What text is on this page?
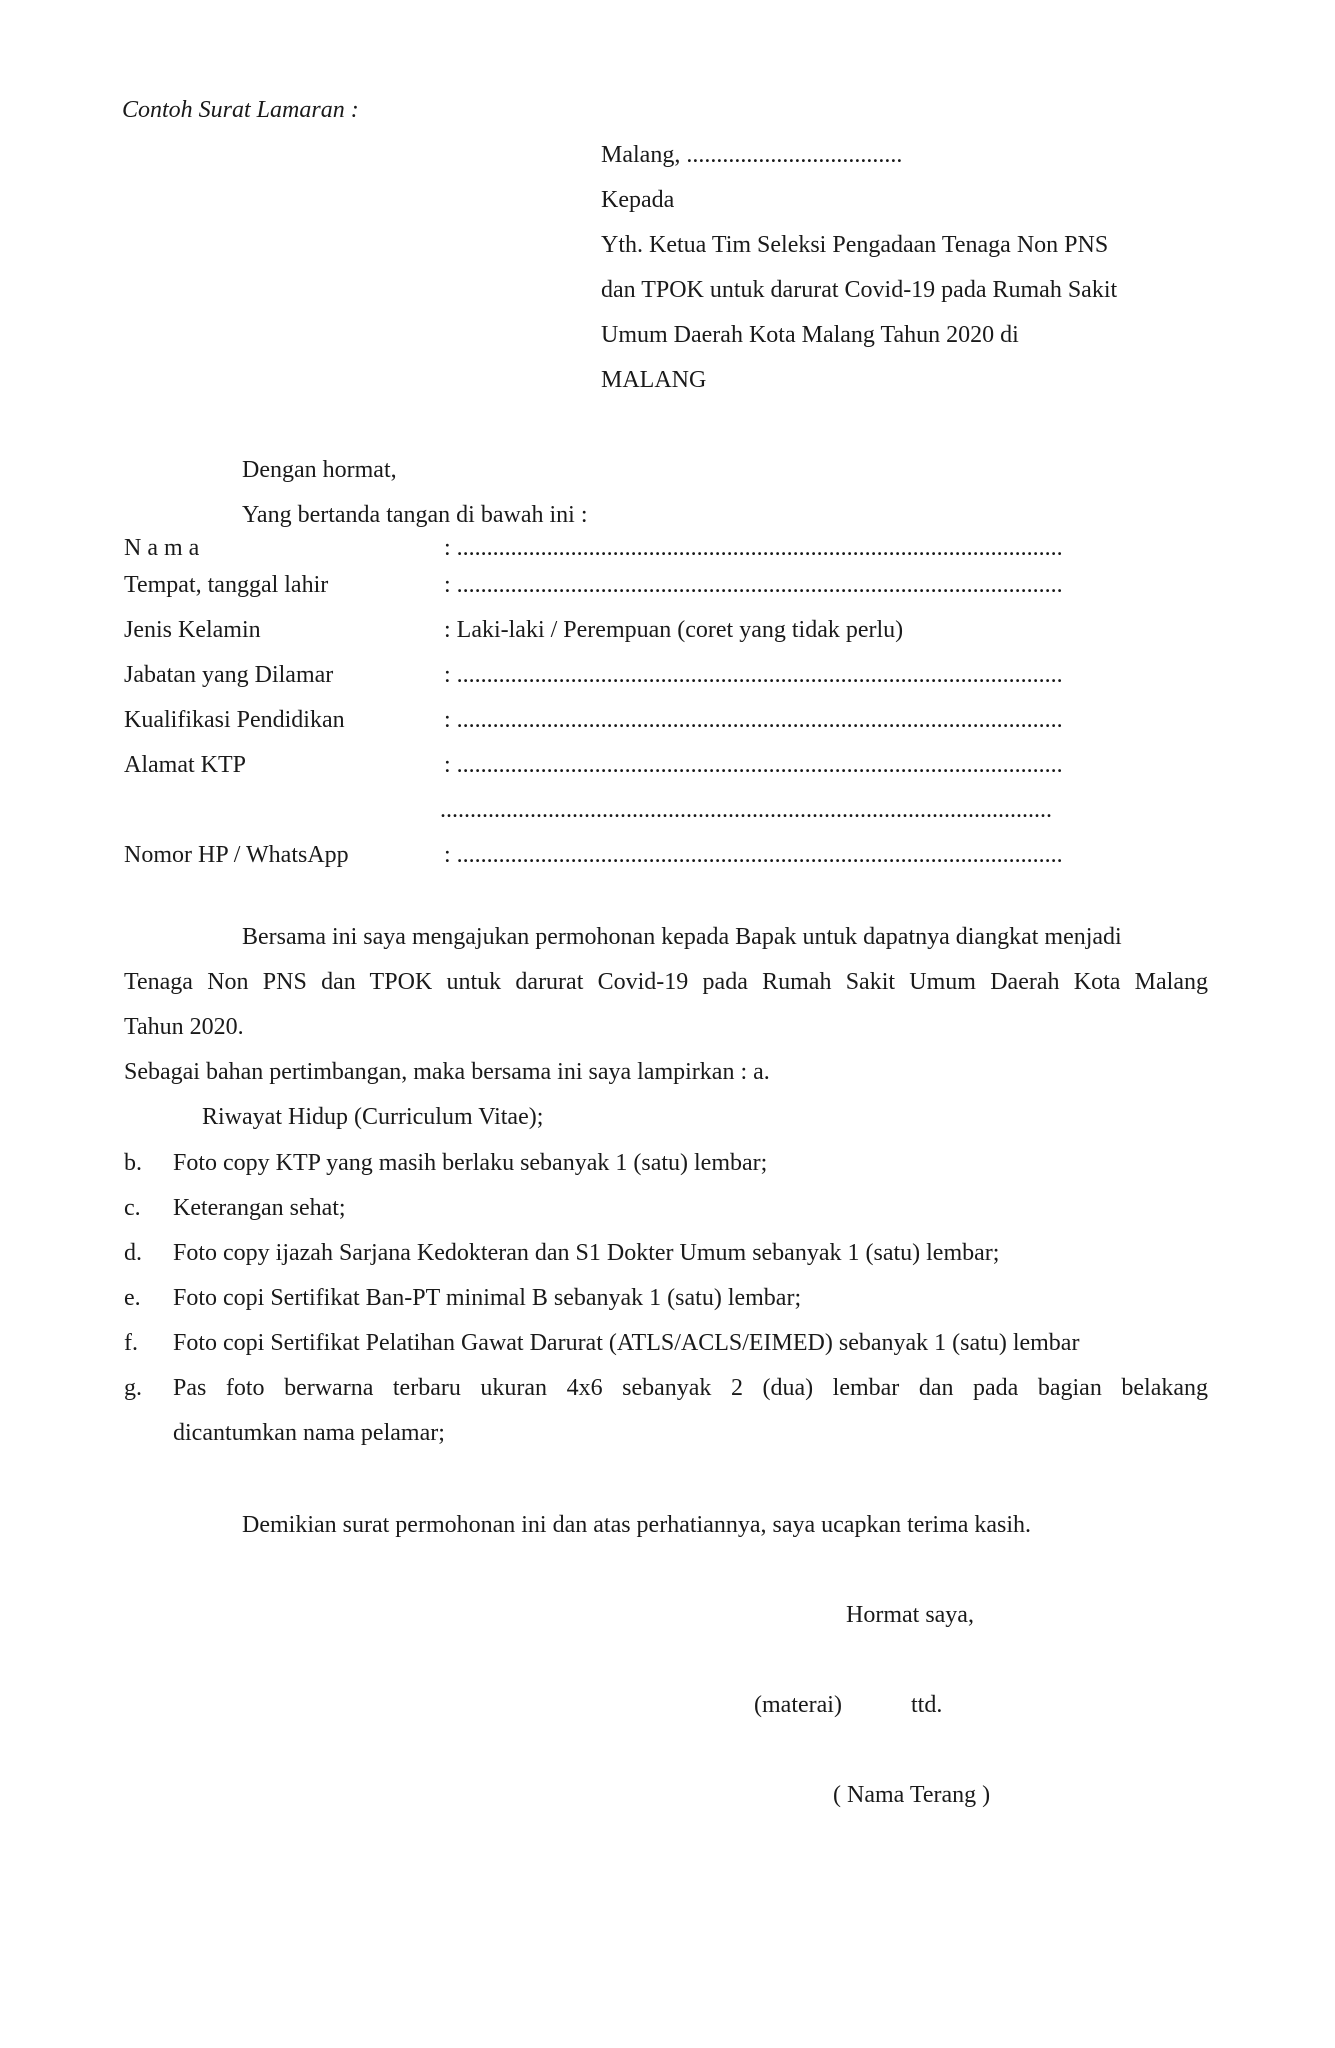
Contoh Surat Lamaran :
Malang, ....................................
Kepada
Yth. Ketua Tim Seleksi Pengadaan Tenaga Non PNS
dan TPOK untuk darurat Covid-19 pada Rumah Sakit
Umum Daerah Kota Malang Tahun 2020 di
MALANG
Dengan hormat,
Yang bertanda tangan di bawah ini :
N a m a	: .....................................................................................................
Tempat, tanggal lahir	: .....................................................................................................
Jenis Kelamin	: Laki-laki / Perempuan (coret yang tidak perlu)
Jabatan yang Dilamar	: .....................................................................................................
Kualifikasi Pendidikan	: .....................................................................................................
Alamat KTP	: .....................................................................................................
......................................................................................................
Nomor HP / WhatsApp	: .....................................................................................................
Bersama ini saya mengajukan permohonan kepada Bapak untuk dapatnya diangkat menjadi
Tenaga Non PNS dan TPOK untuk darurat Covid-19 pada Rumah Sakit Umum Daerah Kota Malang
Tahun 2020.
Sebagai bahan pertimbangan, maka bersama ini saya lampirkan : a.
Riwayat Hidup (Curriculum Vitae);
b. Foto copy KTP yang masih berlaku sebanyak 1 (satu) lembar;
c. Keterangan sehat;
d. Foto copy ijazah Sarjana Kedokteran dan S1 Dokter Umum sebanyak 1 (satu) lembar;
e. Foto copi Sertifikat Ban-PT minimal B sebanyak 1 (satu) lembar;
f. Foto copi Sertifikat Pelatihan Gawat Darurat (ATLS/ACLS/EIMED) sebanyak 1 (satu) lembar
g. Pas foto berwarna terbaru ukuran 4x6 sebanyak 2 (dua) lembar dan pada bagian belakang
dicantumkan nama pelamar;
Demikian surat permohonan ini dan atas perhatiannya, saya ucapkan terima kasih.
Hormat saya,
(materai)	ttd.
( Nama Terang )
